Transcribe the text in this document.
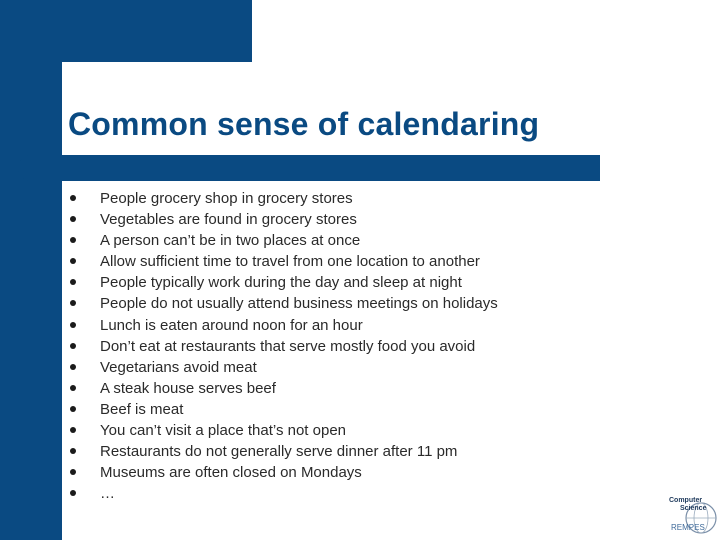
Common sense of calendaring
People grocery shop in grocery stores
Vegetables are found in grocery stores
A person can’t be in two places at once
Allow sufficient time to travel from one location to another
People typically work during the day and sleep at night
People do not usually attend business meetings on holidays
Lunch is eaten around noon for an hour
Don’t eat at restaurants that serve mostly food you avoid
Vegetarians avoid meat
A steak house serves beef
Beef is meat
You can’t visit a place that’s not open
Restaurants do not generally serve dinner after 11 pm
Museums are often closed on Mondays
…	Computer
Science
REMPES
